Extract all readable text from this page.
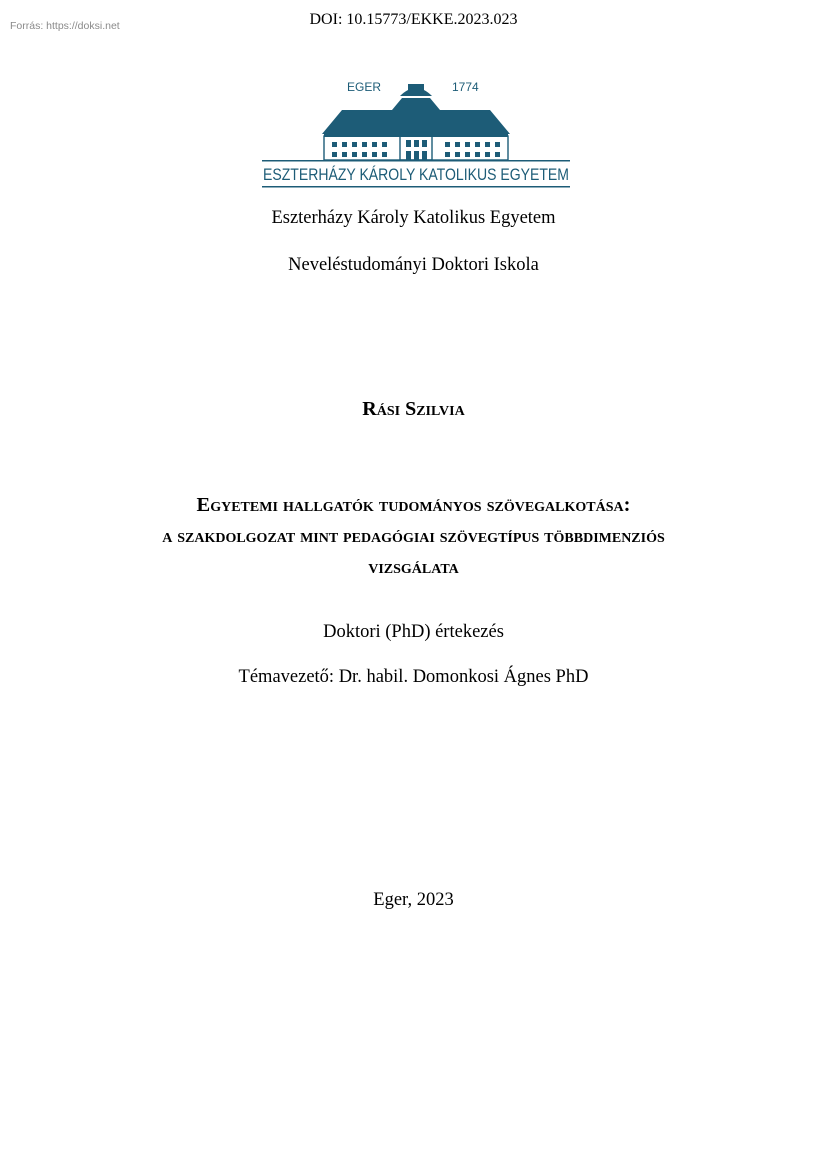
Forrás: https://doksi.net	DOI: 10.15773/EKKE.2023.023
EGER	1774
ESZTERHÁZY KÁROLY KATOLIKUS EGYETEM
Eszterházy Károly Katolikus Egyetem
Neveléstudományi Doktori Iskola
Rási Szilvia
Egyetemi hallgatók tudományos szövegalkotása:
a szakdolgozat mint pedagógiai szövegtípus többdimenziós
vizsgálata
Doktori (PhD) értekezés
Témavezető: Dr. habil. Domonkosi Ágnes PhD
Eger, 2023
